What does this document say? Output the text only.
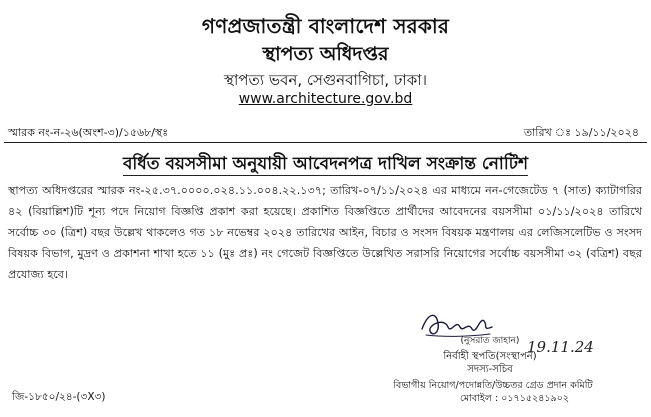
গণপ্রজাতন্ত্রী বাংলাদেশ সরকার
স্থাপত্য অধিদপ্তর
স্থাপত্য ভবন, সেগুনবাগিচা, ঢাকা।
www.architecture.gov.bd
স্মারক নং-ন-২৬(অংশ-৩)/১৫৬৮/স্থঃ	তারিখ ঃ ১৯/১১/২০২৪
বর্ধিত বয়সসীমা অনুযায়ী আবেদনপত্র দাখিল সংক্রান্ত নোটিশ
স্থাপত্য অধিদপ্তরের স্মারক নং-২৫.৩৭.০০০০.০২৪.১১.০০৪.২২.১৩৭; তারিখ-০৭/১১/২০২৪ এর মাধ্যমে নন-গেজেটেড ৭ (সাত) ক্যাটাগরির ৪২ (বিয়াল্লিশ)টি শূন্য পদে নিয়োগ বিজ্ঞপ্তি প্রকাশ করা হয়েছে। প্রকাশিত বিজ্ঞপ্তিতে প্রার্থীদের আবেদনের বয়সসীমা ০১/১১/২০২৪ তারিখে সর্বোচ্চ ৩০ (ত্রিশ) বছর উল্লেখ থাকলেও গত ১৮ নভেম্বর ২০২৪ তারিখের আইন, বিচার ও সংসদ বিষয়ক মন্ত্রণালয় এর লেজিসলেটিভ ও সংসদ বিষয়ক বিভাগ, মুদ্রণ ও প্রকাশনা শাখা হতে ১১ (মুঃ প্রঃ) নং গেজেট বিজ্ঞপ্তিতে উল্লেখিত সরাসরি নিয়োগের সর্বোচ্চ বয়সসীমা ৩২ (বত্রিশ) বছর প্রযোজ্য হবে।
19.11.24
(নুসরাত জাহান)
নির্বাহী স্থপতি(সংস্থাপন)
সদস্য-সচিব
বিভাগীয় নিয়োগ/পদোন্নতি/উচ্চতর গ্রেড প্রদান কমিটি
মোবাইল : ০১৭১৫২৪১৯০২
জি-১৮৫০/২৪-(৩X৩)
